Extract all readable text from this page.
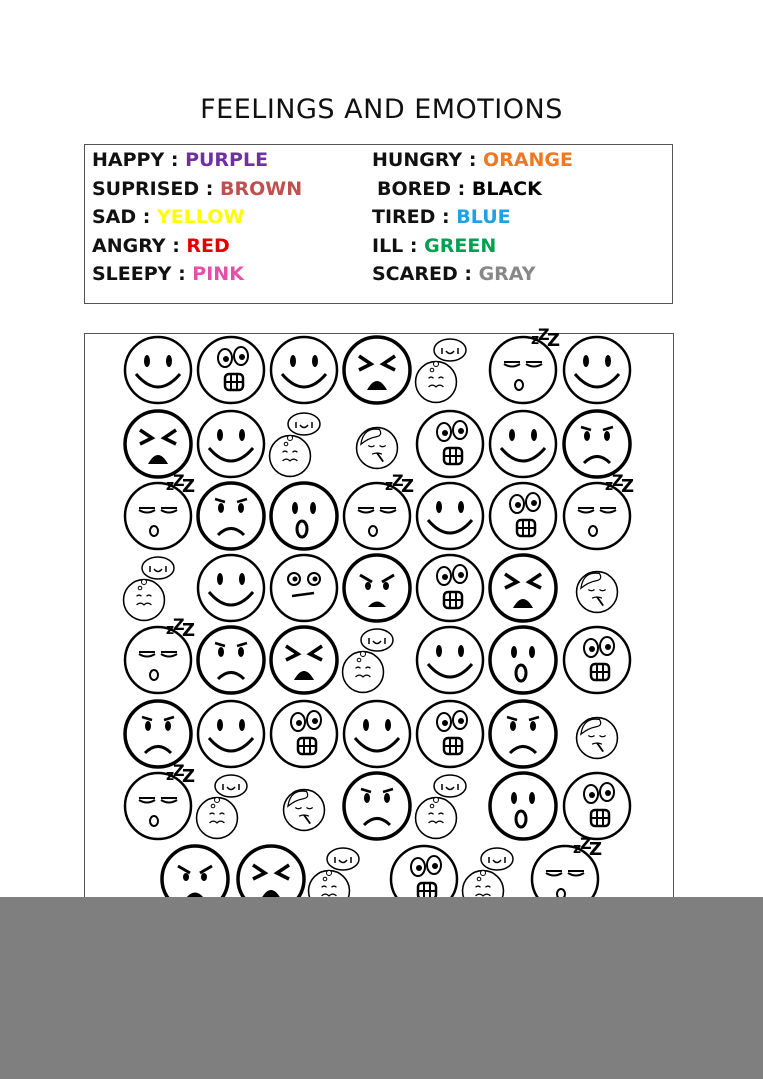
FEELINGS AND EMOTIONS
HAPPY : PURPLE
SUPRISED : BROWN
SAD : YELLOW
ANGRY : RED
SLEEPY : PINK
HUNGRY : ORANGE
BORED : BLACK
TIRED : BLUE
ILL : GREEN
SCARED : GRAY
z
Z
Z
z
Z
Z	z
Z
Z	z
Z
Z
z
Z
Z
z
Z
Z
z
Z
Z
